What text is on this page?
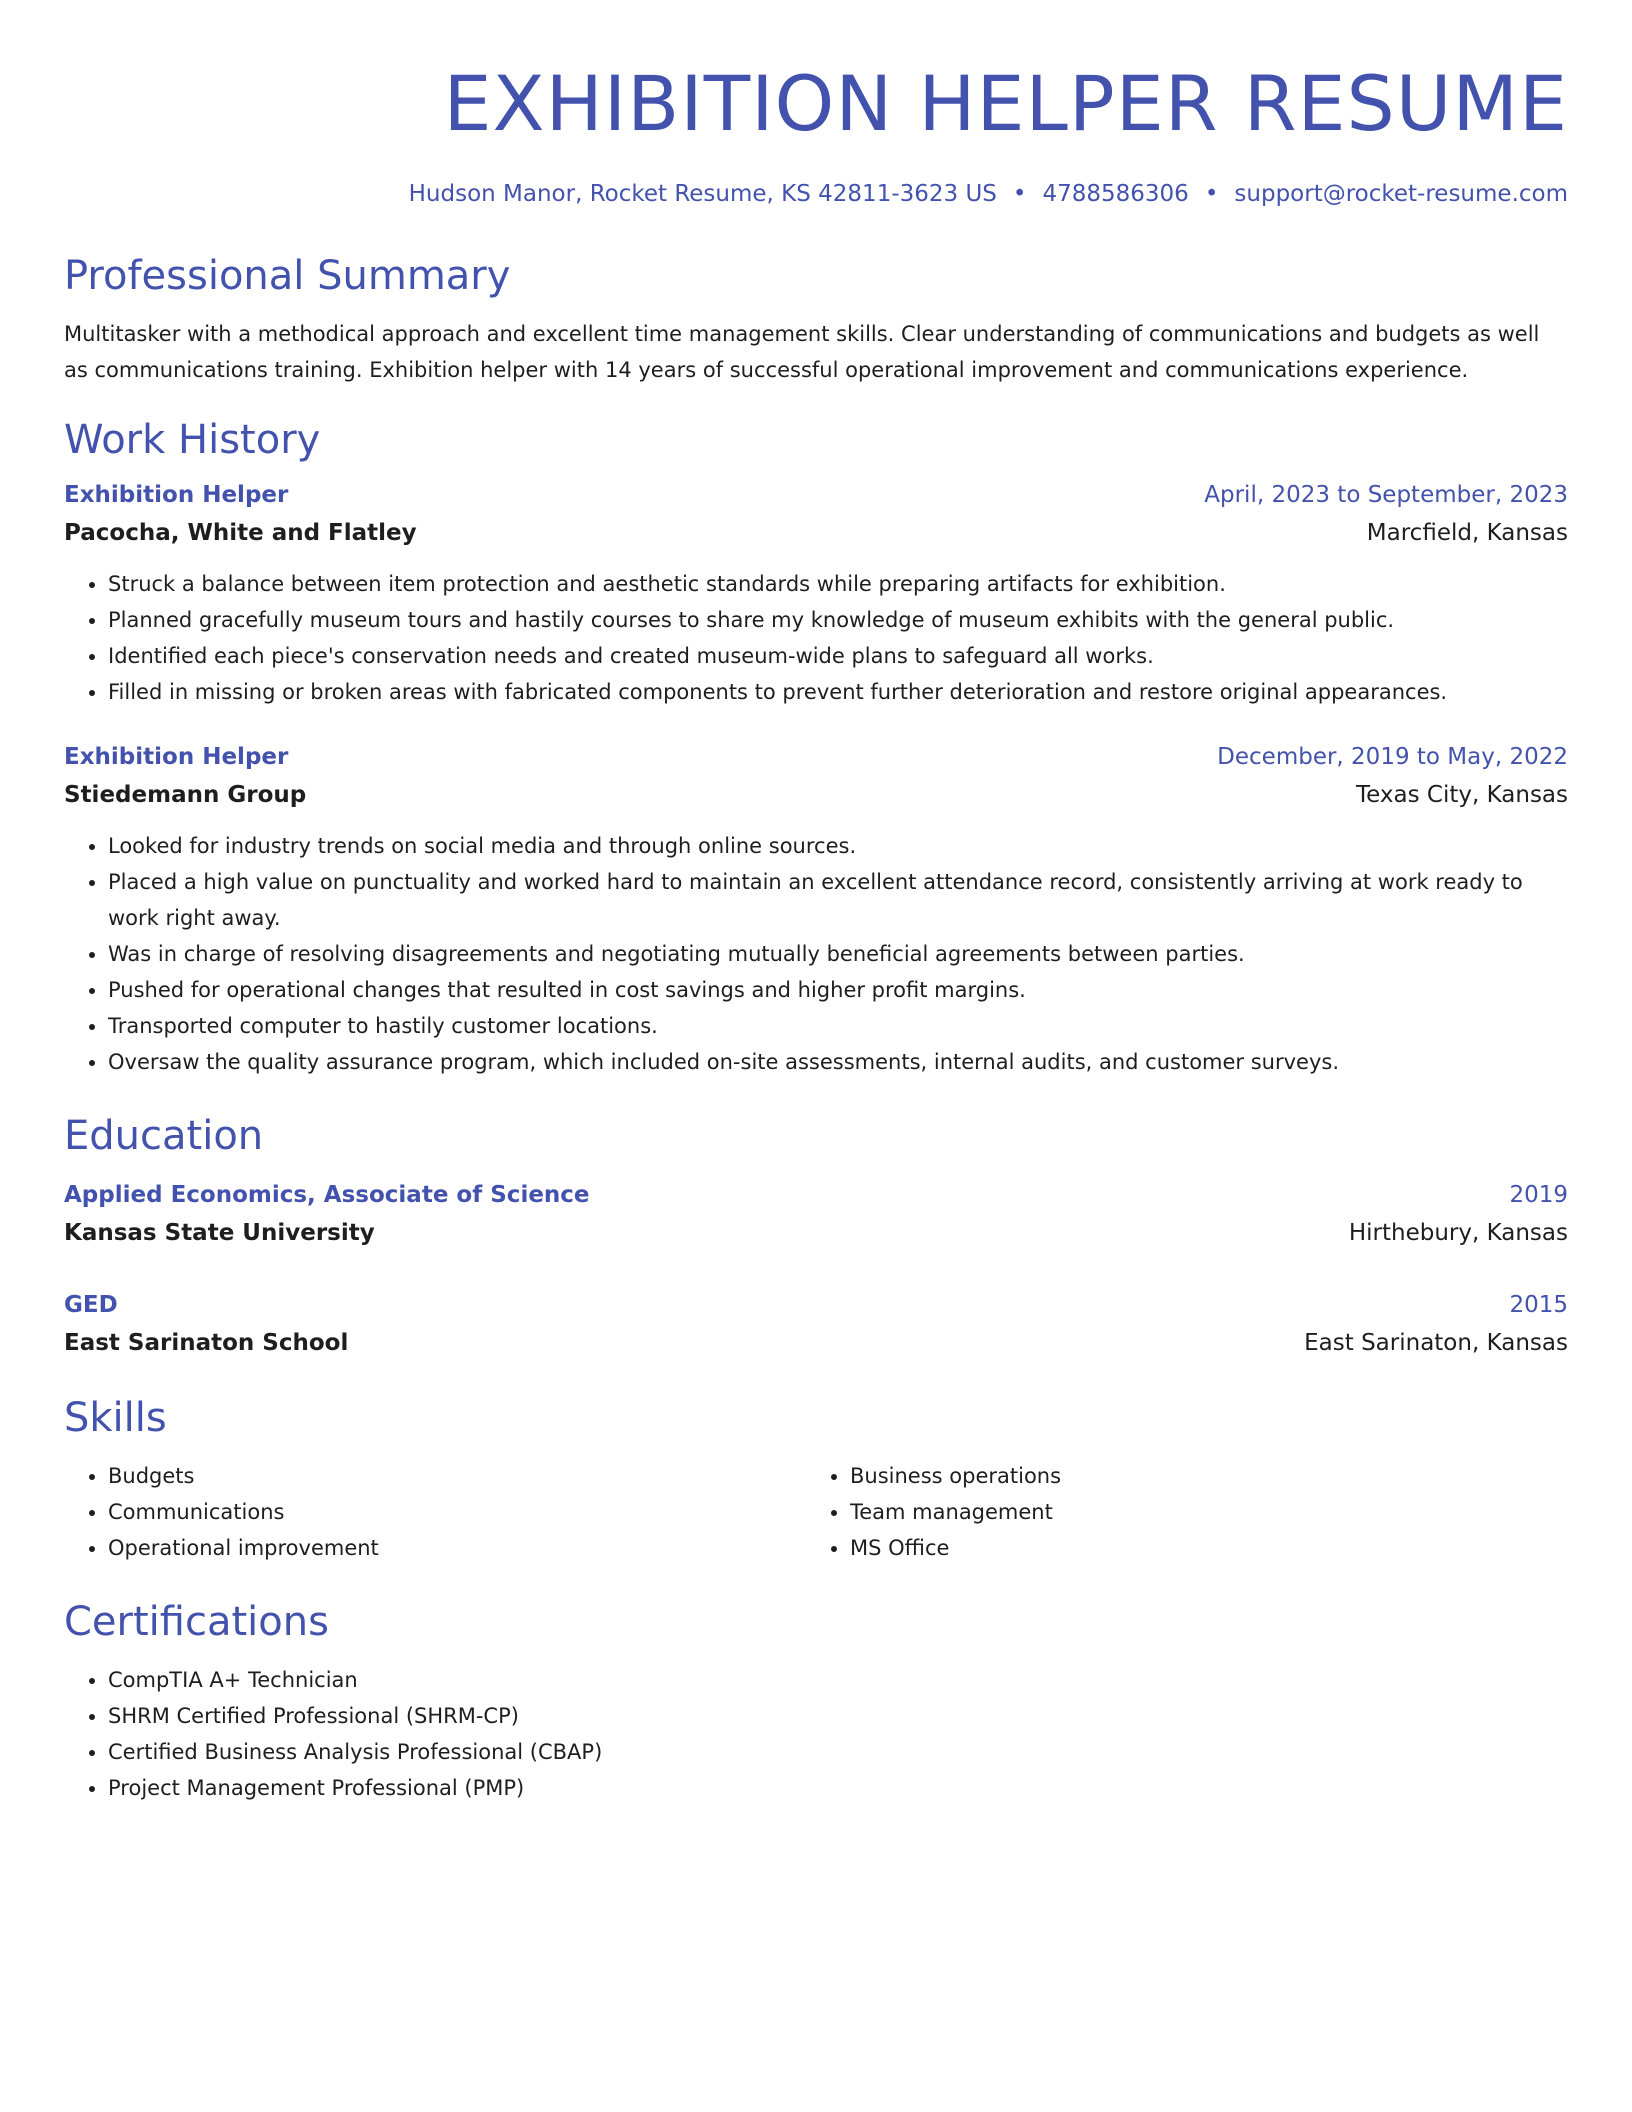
EXHIBITION HELPER RESUME
Hudson Manor, Rocket Resume, KS 42811-3623 US • 4788586306 • support@rocket-resume.com
Professional Summary
Multitasker with a methodical approach and excellent time management skills. Clear understanding of communications and budgets as well as communications training. Exhibition helper with 14 years of successful operational improvement and communications experience.
Work History
Exhibition Helper	April, 2023 to September, 2023
Pacocha, White and Flatley	Marcfield, Kansas
• Struck a balance between item protection and aesthetic standards while preparing artifacts for exhibition.
• Planned gracefully museum tours and hastily courses to share my knowledge of museum exhibits with the general public.
• Identified each piece's conservation needs and created museum-wide plans to safeguard all works.
• Filled in missing or broken areas with fabricated components to prevent further deterioration and restore original appearances.
Exhibition Helper	December, 2019 to May, 2022
Stiedemann Group	Texas City, Kansas
• Looked for industry trends on social media and through online sources.
• Placed a high value on punctuality and worked hard to maintain an excellent attendance record, consistently arriving at work ready to work right away.
• Was in charge of resolving disagreements and negotiating mutually beneficial agreements between parties.
• Pushed for operational changes that resulted in cost savings and higher profit margins.
• Transported computer to hastily customer locations.
• Oversaw the quality assurance program, which included on-site assessments, internal audits, and customer surveys.
Education
Applied Economics, Associate of Science	2019
Kansas State University	Hirthebury, Kansas
GED	2015
East Sarinaton School	East Sarinaton, Kansas
Skills
• Budgets
• Communications
• Operational improvement
• Business operations
• Team management
• MS Office
Certifications
• CompTIA A+ Technician
• SHRM Certified Professional (SHRM-CP)
• Certified Business Analysis Professional (CBAP)
• Project Management Professional (PMP)
